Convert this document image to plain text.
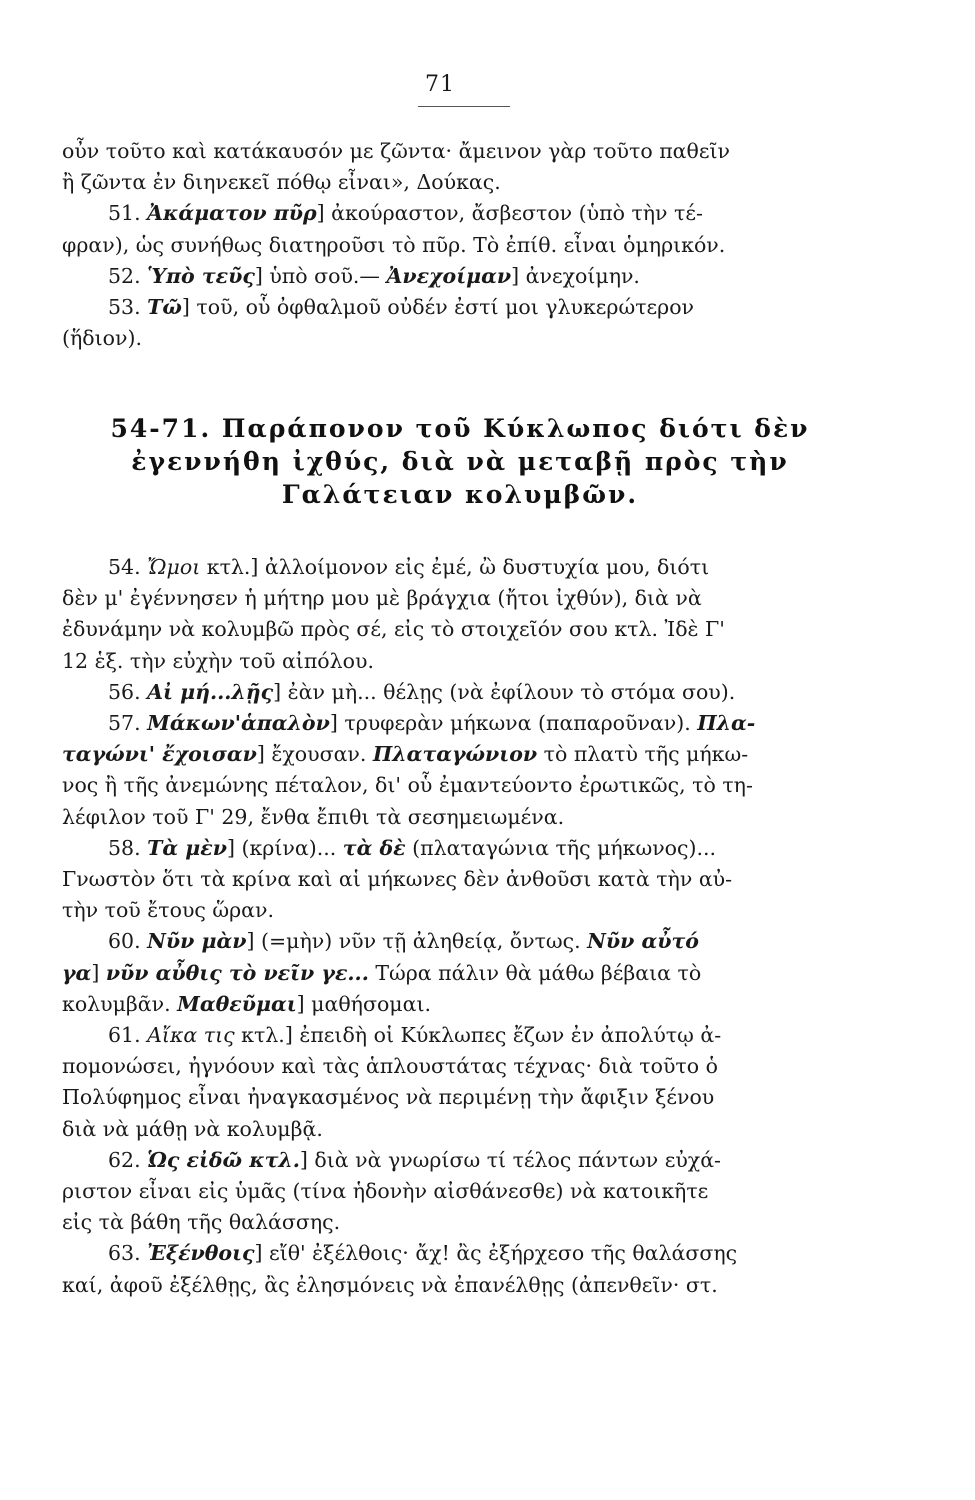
71
οὖν τοῦτο καὶ κατάκαυσόν με ζῶντα· ἄμεινον γὰρ τοῦτο παθεῖν
ἢ ζῶντα ἐν διηνεκεῖ πόθῳ εἶναι», Δούκας.
51. Ἀκάματον πῦρ] ἀκούραστον, ἄσβεστον (ὑπὸ τὴν τέ-
φραν), ὡς συνήθως διατηροῦσι τὸ πῦρ. Τὸ ἐπίθ. εἶναι ὁμηρικόν.
52. Ὑπὸ τεῦς] ὑπὸ σοῦ.— Ἀνεχοίμαν] ἀνεχοίμην.
53. Τῶ] τοῦ, οὗ ὀφθαλμοῦ οὐδέν ἐστί μοι γλυκερώτερον
(ἥδιον).
54-71. Παράπονον τοῦ Κύκλωπος διότι δὲν
ἐγεννήθη ἰχθύς, διὰ νὰ μεταβῇ πρὸς τὴν
Γαλάτειαν κολυμβῶν.
54. Ὤμοι κτλ.] ἀλλοίμονον εἰς ἐμέ, ὢ δυστυχία μου, διότι
δὲν μ' ἐγέννησεν ἡ μήτηρ μου μὲ βράγχια (ἤτοι ἰχθύν), διὰ νὰ
ἐδυνάμην νὰ κολυμβῶ πρὸς σέ, εἰς τὸ στοιχεῖόν σου κτλ. Ἰδὲ Γ'
12 ἑξ. τὴν εὐχὴν τοῦ αἰπόλου.
56. Αἰ μή...λῇς] ἐὰν μὴ... θέλῃς (νὰ ἐφίλουν τὸ στόμα σου).
57. Μάκων'ἁπαλὸν] τρυφερὰν μήκωνα (παπαροῦναν). Πλα-
ταγώνι' ἔχοισαν] ἔχουσαν. Πλαταγώνιον τὸ πλατὺ τῆς μήκω-
νος ἢ τῆς ἀνεμώνης πέταλον, δι' οὗ ἐμαντεύοντο ἐρωτικῶς, τὸ τη-
λέφιλον τοῦ Γ' 29, ἔνθα ἔπιθι τὰ σεσημειωμένα.
58. Τὰ μὲν] (κρίνα)... τὰ δὲ (πλαταγώνια τῆς μήκωνος)...
Γνωστὸν ὅτι τὰ κρίνα καὶ αἱ μήκωνες δὲν ἀνθοῦσι κατὰ τὴν αὐ-
τὴν τοῦ ἔτους ὥραν.
60. Νῦν μὰν] (=μὴν) νῦν τῇ ἀληθείᾳ, ὄντως. Νῦν αὖτό
γα] νῦν αὖθις τὸ νεῖν γε... Τώρα πάλιν θὰ μάθω βέβαια τὸ
κολυμβᾶν. Μαθεῦμαι] μαθήσομαι.
61. Αἴκα τις κτλ.] ἐπειδὴ οἱ Κύκλωπες ἔζων ἐν ἀπολύτῳ ἀ-
πομονώσει, ἠγνόουν καὶ τὰς ἁπλουστάτας τέχνας· διὰ τοῦτο ὁ
Πολύφημος εἶναι ἠναγκασμένος νὰ περιμένῃ τὴν ἄφιξιν ξένου
διὰ νὰ μάθῃ νὰ κολυμβᾷ.
62. Ὡς εἰδῶ κτλ.] διὰ νὰ γνωρίσω τί τέλος πάντων εὐχά-
ριστον εἶναι εἰς ὑμᾶς (τίνα ἡδονὴν αἰσθάνεσθε) νὰ κατοικῆτε
εἰς τὰ βάθη τῆς θαλάσσης.
63. Ἐξένθοις] εἴθ' ἐξέλθοις· ἄχ! ἂς ἐξήρχεσο τῆς θαλάσσης
καί, ἀφοῦ ἐξέλθῃς, ἂς ἐλησμόνεις νὰ ἐπανέλθῃς (ἀπενθεῖν· στ.
